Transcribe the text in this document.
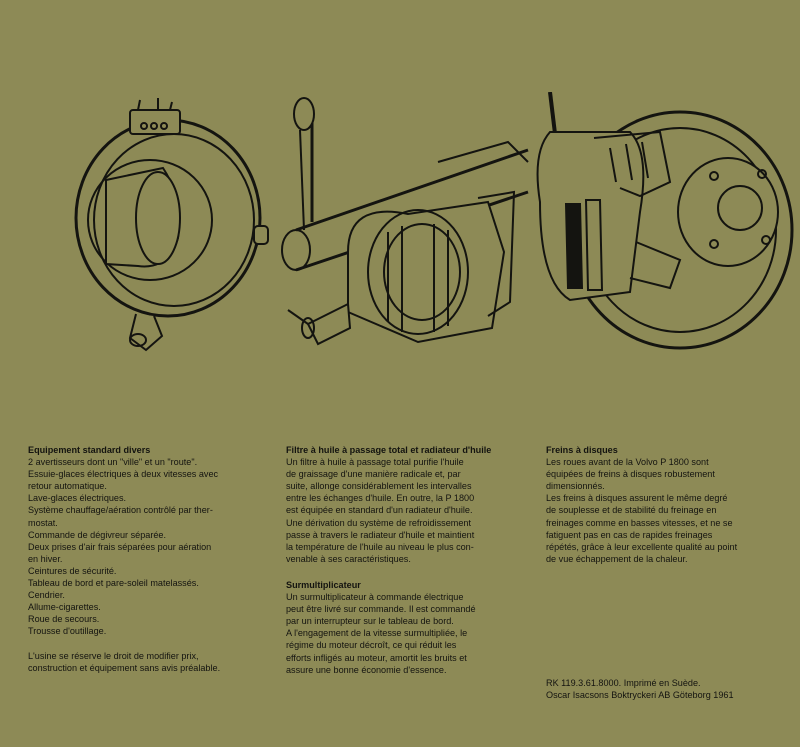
Equipement standard divers

2 avertisseurs dont un "ville" et un "route".
Essuie-glaces électriques à deux vitesses avec
retour automatique.
Lave-glaces électriques.
Système chauffage/aération contrôlé par ther-
mostat.
Commande de dégivreur séparée.
Deux prises d'air frais séparées pour aération
en hiver.
Ceintures de sécurité.
Tableau de bord et pare-soleil matelassés.
Cendrier.
Allume-cigarettes.
Roue de secours.
Trousse d'outillage.

L'usine se réserve le droit de modifier prix,
construction et équipement sans avis préalable.

Filtre à huile à passage total et radiateur d'huile

Un filtre à huile à passage total purifie l'huile
de graissage d'une manière radicale et, par
suite, allonge considérablement les intervalles
entre les échanges d'huile. En outre, la P 1800
est équipée en standard d'un radiateur d'huile.
Une dérivation du système de refroidissement
passe à travers le radiateur d'huile et maintient
la température de l'huile au niveau le plus con-
venable à ses caractéristiques.

Surmultiplicateur

Un surmultiplicateur à commande électrique
peut être livré sur commande. Il est commandé
par un interrupteur sur le tableau de bord.
A l'engagement de la vitesse surmultipliée, le
régime du moteur décroît, ce qui réduit les
efforts infligés au moteur, amortit les bruits et
assure une bonne économie d'essence.

Freins à disques

Les roues avant de la Volvo P 1800 sont
équipées de freins à disques robustement
dimensionnés.

Les freins à disques assurent le même degré
de souplesse et de stabilité du freinage en
freinages comme en basses vitesses, et ne se
fatiguent pas en cas de rapides freinages
répétés, grâce à leur excellente qualité au point
de vue échappement de la chaleur.

RK 119.3.61.8000. Imprimé en Suède.
Oscar Isacsons Boktryckeri AB Göteborg 1961
